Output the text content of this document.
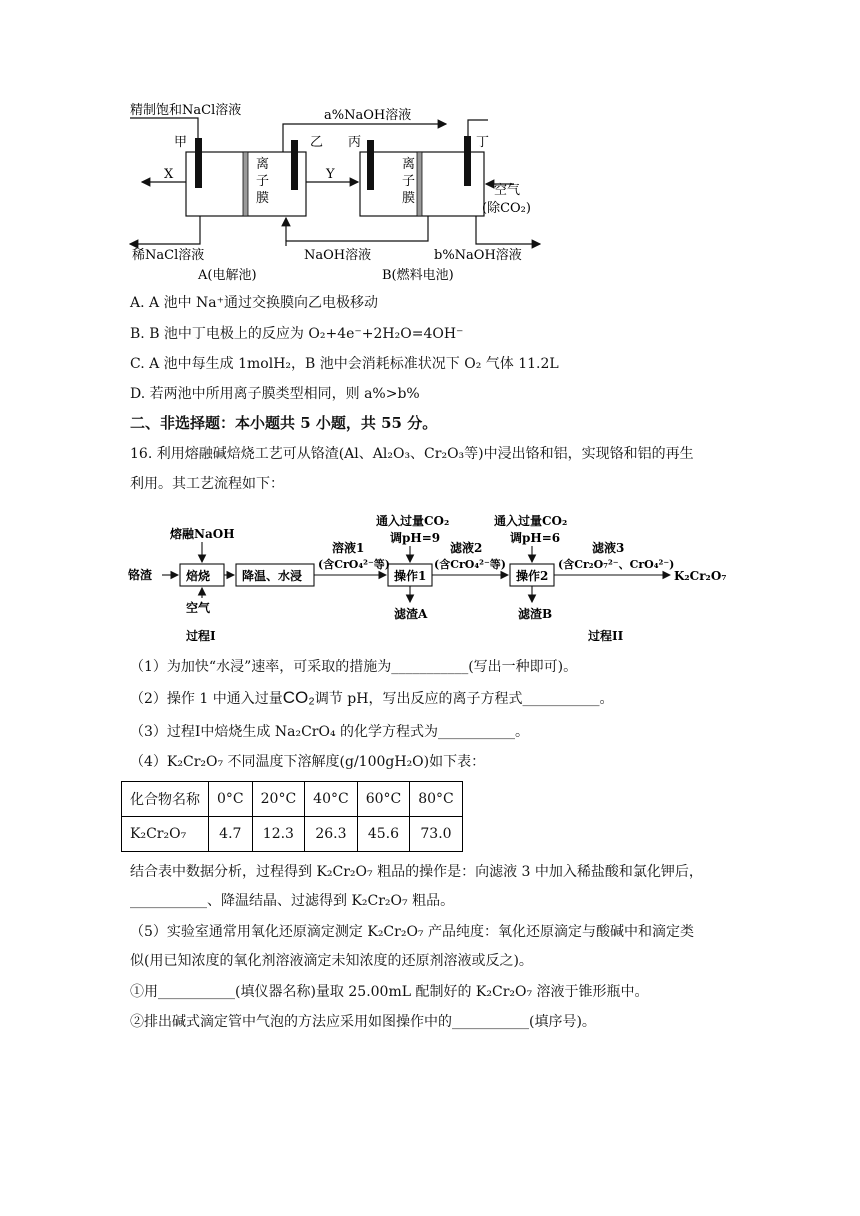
精制饱和NaCl溶液	a%NaOH溶液
甲	乙 丙	丁
离
子
膜
离
子
膜
X	Y
空气
(除CO₂)
稀NaCl溶液	NaOH溶液	b%NaOH溶液
A(电解池)	B(燃料电池)
A. A 池中 Na⁺通过交换膜向乙电极移动
B. B 池中丁电极上的反应为 O₂+4e⁻+2H₂O=4OH⁻
C. A 池中每生成 1molH₂，B 池中会消耗标准状况下 O₂ 气体 11.2L
D. 若两池中所用离子膜类型相同，则 a%>b%
二、非选择题：本小题共 5 小题，共 55 分。
16. 利用熔融碱焙烧工艺可从铬渣(Al、Al₂O₃、Cr₂O₃等)中浸出铬和铝，实现铬和铝的再生
利用。其工艺流程如下：
铬渣
熔融NaOH
焙烧
空气
降温、水浸
溶液1
(含CrO₄²⁻等)
通入过量CO₂
调pH=9
操作1
滤渣A
滤液2
(含CrO₄²⁻等)
通入过量CO₂
调pH=6
操作2
滤渣B
滤液3
(含Cr₂O₇²⁻、CrO₄²⁻)
K₂Cr₂O₇
过程I	过程II
（1）为加快“水浸”速率，可采取的措施为___________(写出一种即可)。
（2）操作 1 中通入过量CO₂调节 pH，写出反应的离子方程式___________。
（3）过程I中焙烧生成 Na₂CrO₄ 的化学方程式为___________。
（4）K₂Cr₂O₇ 不同温度下溶解度(g/100gH₂O)如下表：
化合物名称	0°C	20°C	40°C	60°C	80°C
K₂Cr₂O₇	4.7	12.3	26.3	45.6	73.0
结合表中数据分析，过程得到 K₂Cr₂O₇ 粗品的操作是：向滤液 3 中加入稀盐酸和氯化钾后，
___________、降温结晶、过滤得到 K₂Cr₂O₇ 粗品。
（5）实验室通常用氧化还原滴定测定 K₂Cr₂O₇ 产品纯度：氧化还原滴定与酸碱中和滴定类
似(用已知浓度的氧化剂溶液滴定未知浓度的还原剂溶液或反之)。
①用___________(填仪器名称)量取 25.00mL 配制好的 K₂Cr₂O₇ 溶液于锥形瓶中。
②排出碱式滴定管中气泡的方法应采用如图操作中的___________(填序号)。
